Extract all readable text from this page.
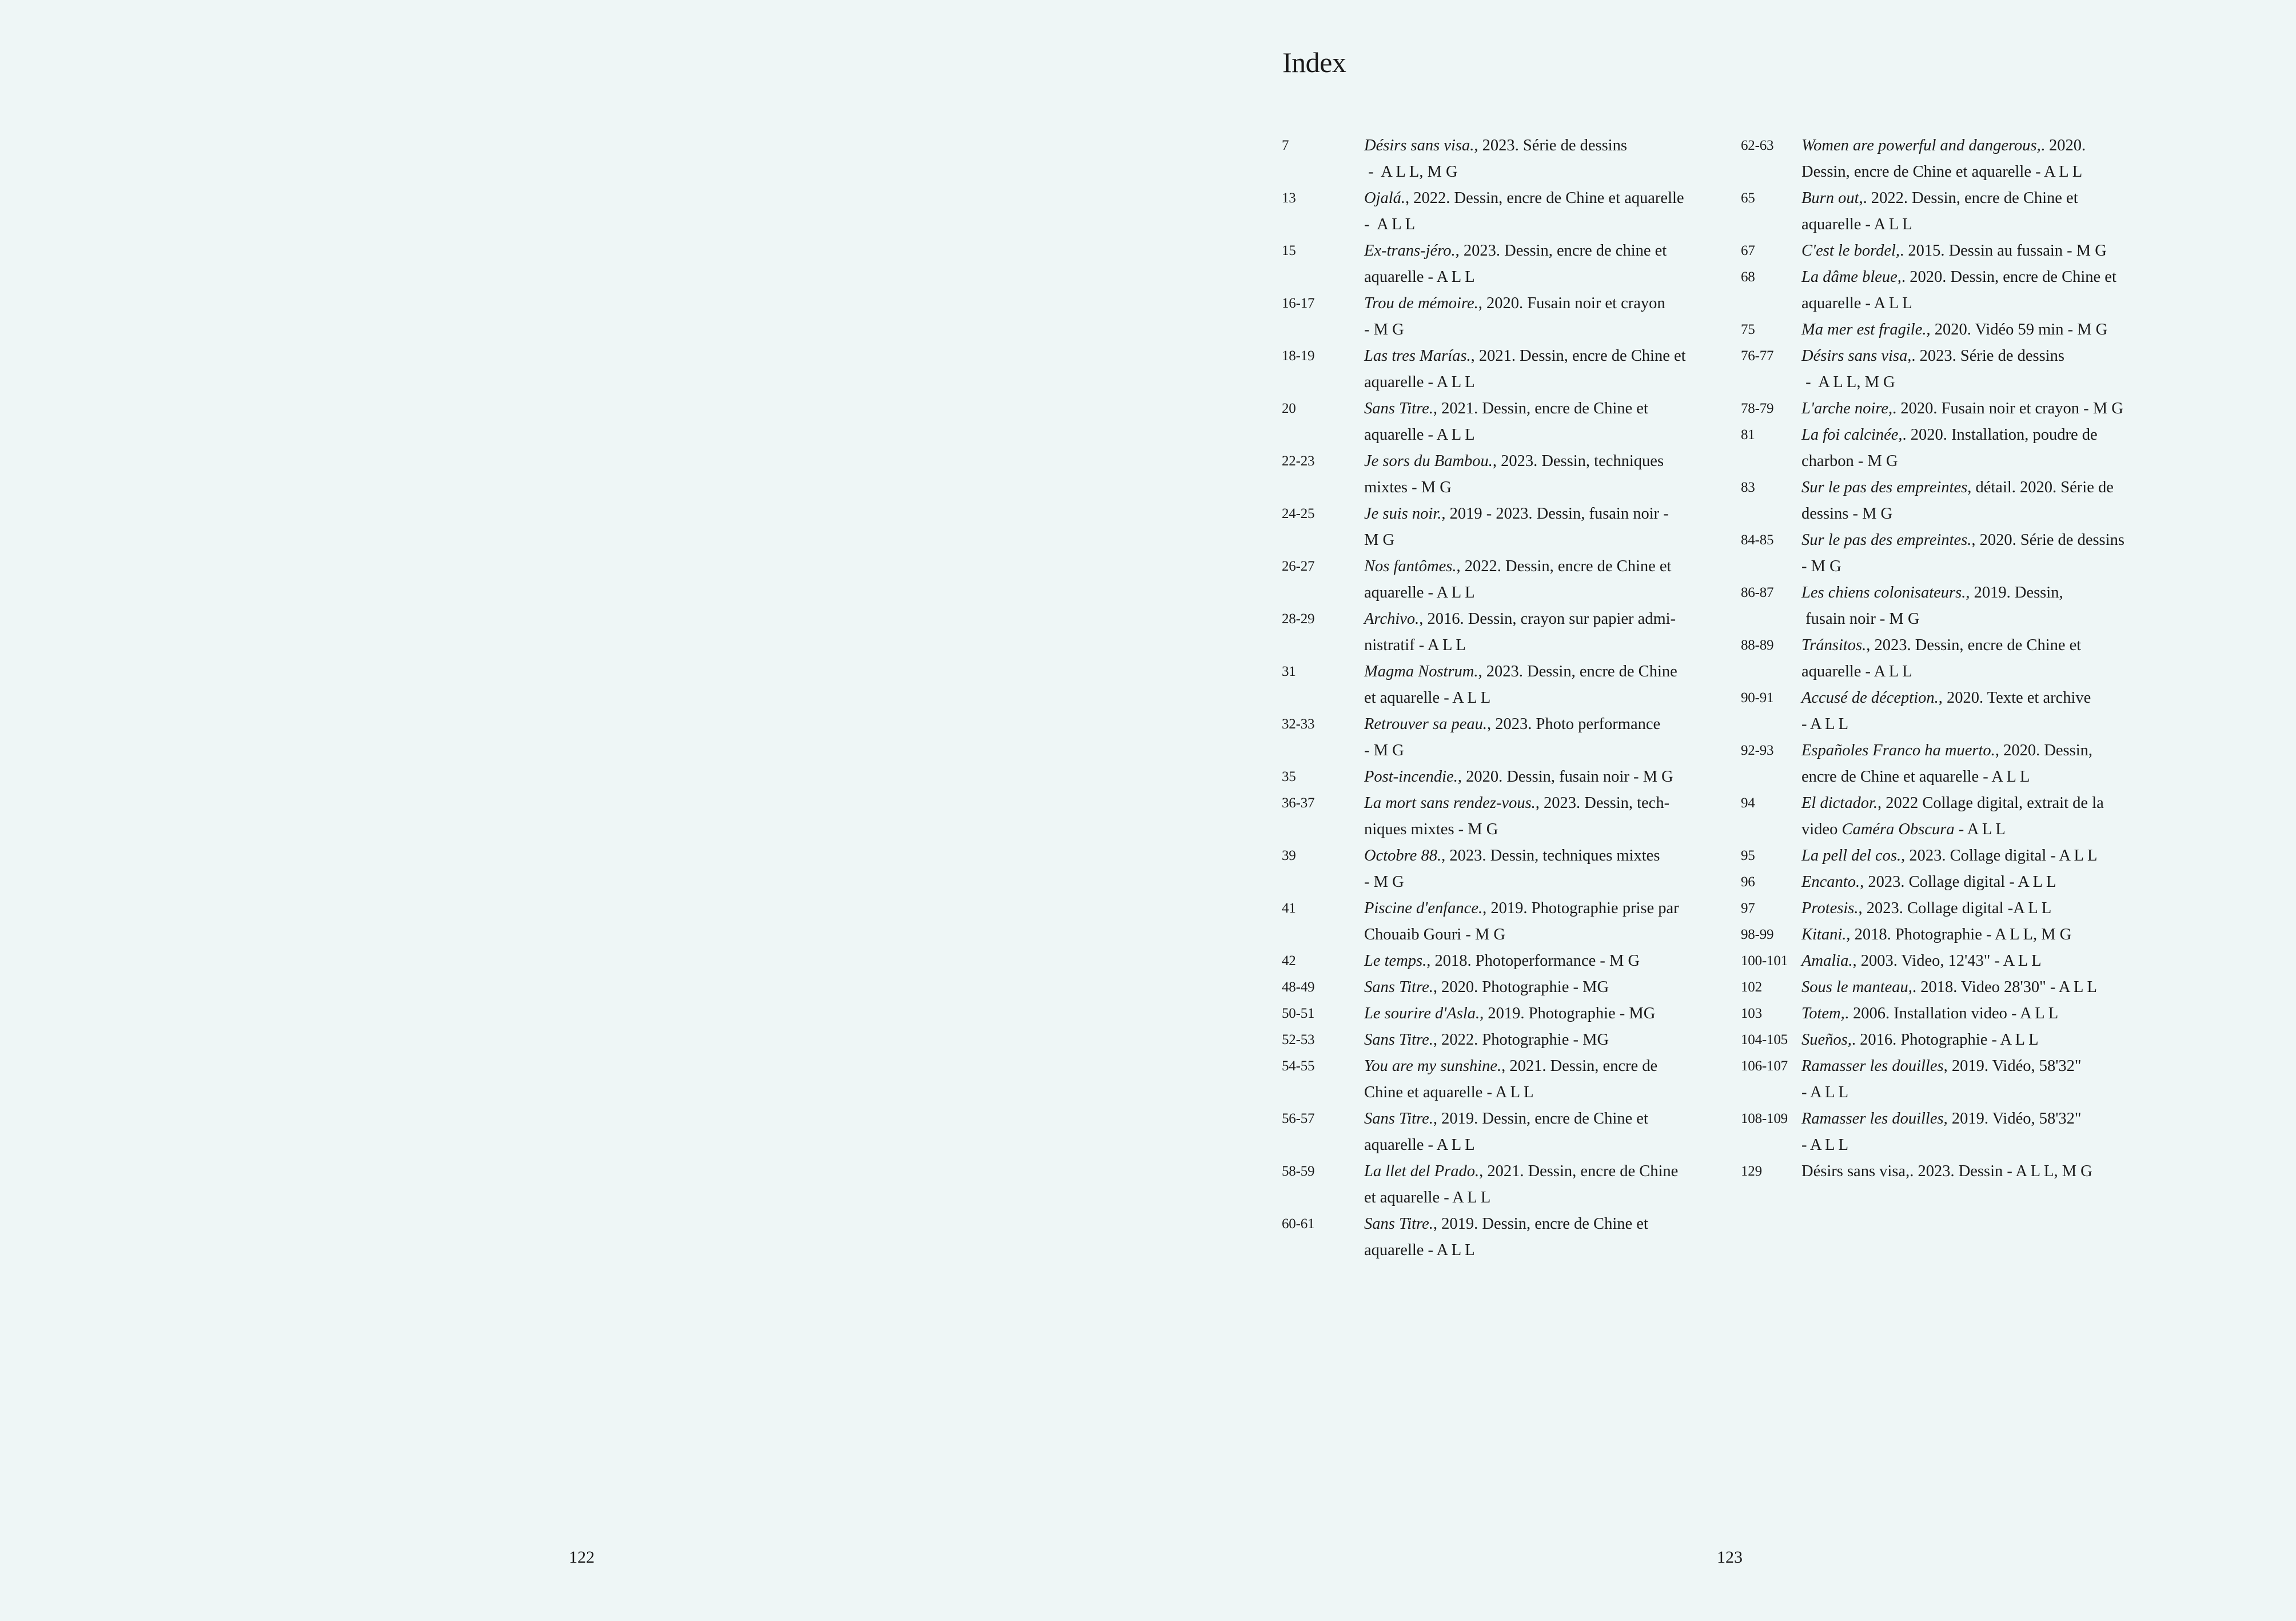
Index
7	Désirs sans visa., 2023. Série de dessins
-  A L L, M G
13	Ojalá., 2022. Dessin, encre de Chine et aquarelle
-  A L L
15	Ex-trans-jéro., 2023. Dessin, encre de chine et
aquarelle - A L L
16-17	Trou de mémoire., 2020. Fusain noir et crayon
- M G
18-19	Las tres Marías., 2021. Dessin, encre de Chine et
aquarelle - A L L
20	Sans Titre., 2021. Dessin, encre de Chine et
aquarelle - A L L
22-23	Je sors du Bambou., 2023. Dessin, techniques
mixtes - M G
24-25	Je suis noir., 2019 - 2023. Dessin, fusain noir -
M G
26-27	Nos fantômes., 2022. Dessin, encre de Chine et
aquarelle - A L L
28-29	Archivo., 2016. Dessin, crayon sur papier admi-
nistratif - A L L
31	Magma Nostrum., 2023. Dessin, encre de Chine
et aquarelle - A L L
32-33	Retrouver sa peau., 2023. Photo performance
- M G
35	Post-incendie., 2020. Dessin, fusain noir - M G
36-37	La mort sans rendez-vous., 2023. Dessin, tech-
niques mixtes - M G
39	Octobre 88., 2023. Dessin, techniques mixtes
- M G
41	Piscine d'enfance., 2019. Photographie prise par
Chouaib Gouri - M G
42	Le temps., 2018. Photoperformance - M G
48-49	Sans Titre., 2020. Photographie - MG
50-51	Le sourire d'Asla., 2019. Photographie - MG
52-53	Sans Titre., 2022. Photographie - MG
54-55	You are my sunshine., 2021. Dessin, encre de
Chine et aquarelle - A L L
56-57	Sans Titre., 2019. Dessin, encre de Chine et
aquarelle - A L L
58-59	La llet del Prado., 2021. Dessin, encre de Chine
et aquarelle - A L L
60-61	Sans Titre., 2019. Dessin, encre de Chine et
aquarelle - A L L
62-63 Women are powerful and dangerous,. 2020.
Dessin, encre de Chine et aquarelle - A L L
65	Burn out,. 2022. Dessin, encre de Chine et
aquarelle - A L L
67	C'est le bordel,. 2015. Dessin au fussain - M G
68	La dâme bleue,. 2020. Dessin, encre de Chine et
aquarelle - A L L
75	Ma mer est fragile., 2020. Vidéo 59 min - M G
76-77 Désirs sans visa,. 2023. Série de dessins
-  A L L, M G
78-79 L'arche noire,. 2020. Fusain noir et crayon - M G
81	La foi calcinée,. 2020. Installation, poudre de
charbon - M G
83	Sur le pas des empreintes, détail. 2020. Série de
dessins - M G
84-85 Sur le pas des empreintes., 2020. Série de dessins
- M G
86-87 Les chiens colonisateurs., 2019. Dessin,
fusain noir - M G
88-89 Tránsitos., 2023. Dessin, encre de Chine et
aquarelle - A L L
90-91 Accusé de déception., 2020. Texte et archive
- A L L
92-93 Españoles Franco ha muerto., 2020. Dessin,
encre de Chine et aquarelle - A L L
94	El dictador., 2022 Collage digital, extrait de la
video Caméra Obscura - A L L
95	La pell del cos., 2023. Collage digital - A L L
96	Encanto., 2023. Collage digital - A L L
97	Protesis., 2023. Collage digital -A L L
98-99 Kitani., 2018. Photographie - A L L, M G
100-101 Amalia., 2003. Video, 12'43" - A L L
102 Sous le manteau,. 2018. Video 28'30" - A L L
103 Totem,. 2006. Installation video - A L L
104-105 Sueños,. 2016. Photographie - A L L
106-107 Ramasser les douilles, 2019. Vidéo, 58'32"
- A L L
108-109 Ramasser les douilles, 2019. Vidéo, 58'32"
- A L L
129 Désirs sans visa,. 2023. Dessin - A L L, M G
122	123
